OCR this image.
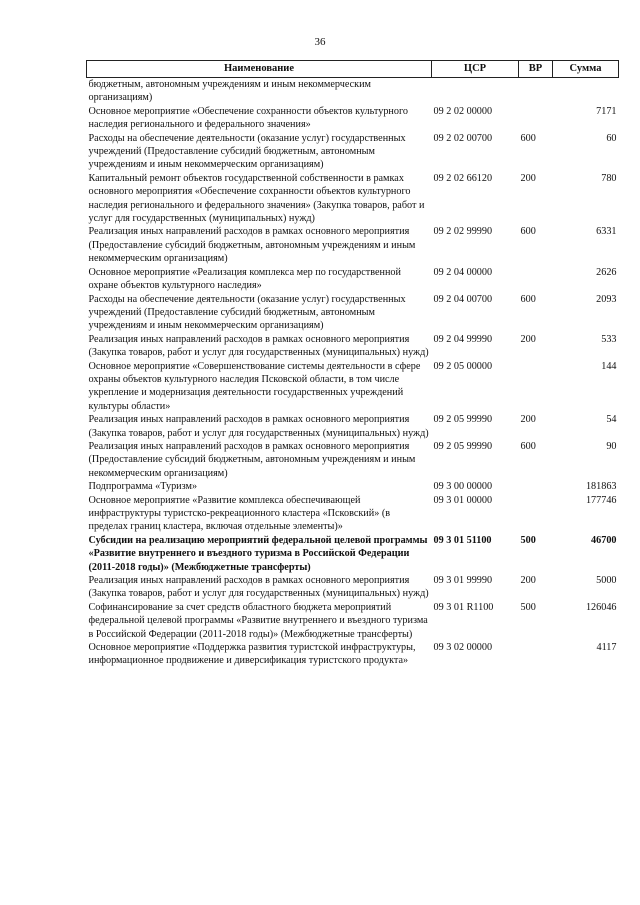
36
Наименование	ЦСР	ВР	Сумма
бюджетным, автономным учреждениям и иным некоммерческим организациям)			
Основное мероприятие «Обеспечение сохранности объектов культурного наследия регионального и федерального значения»	09 2 02 00000		7171
Расходы на обеспечение деятельности (оказание услуг) государственных учреждений (Предоставление субсидий бюджетным, автономным учреждениям и иным некоммерческим организациям)	09 2 02 00700	600	60
Капитальный ремонт объектов государственной собственности в рамках основного мероприятия «Обеспечение сохранности объектов культурного наследия регионального и федерального значения» (Закупка товаров, работ и услуг для государственных (муниципальных) нужд)	09 2 02 66120	200	780
Реализация иных направлений расходов в рамках основного мероприятия (Предоставление субсидий бюджетным, автономным учреждениям и иным некоммерческим организациям)	09 2 02 99990	600	6331
Основное мероприятие «Реализация комплекса мер по государственной охране объектов культурного наследия»	09 2 04 00000		2626
Расходы на обеспечение деятельности (оказание услуг) государственных учреждений (Предоставление субсидий бюджетным, автономным учреждениям и иным некоммерческим организациям)	09 2 04 00700	600	2093
Реализация иных направлений расходов в рамках основного мероприятия (Закупка товаров, работ и услуг для государственных (муниципальных) нужд)	09 2 04 99990	200	533
Основное мероприятие «Совершенствование системы деятельности в сфере охраны объектов культурного наследия Псковской области, в том числе укрепление и модернизация деятельности государственных учреждений культуры области»	09 2 05 00000		144
Реализация иных направлений расходов в рамках основного мероприятия (Закупка товаров, работ и услуг для государственных (муниципальных) нужд)	09 2 05 99990	200	54
Реализация иных направлений расходов в рамках основного мероприятия (Предоставление субсидий бюджетным, автономным учреждениям и иным некоммерческим организациям)	09 2 05 99990	600	90
Подпрограмма «Туризм»	09 3 00 00000		181863
Основное мероприятие «Развитие комплекса обеспечивающей инфраструктуры туристско-рекреационного кластера «Псковский» (в пределах границ кластера, включая отдельные элементы)»	09 3 01 00000		177746
Субсидии на реализацию мероприятий федеральной целевой программы «Развитие внутреннего и въездного туризма в Российской Федерации (2011-2018 годы)» (Межбюджетные трансферты)	09 3 01 51100	500	46700
Реализация иных направлений расходов в рамках основного мероприятия (Закупка товаров, работ и услуг для государственных (муниципальных) нужд)	09 3 01 99990	200	5000
Софинансирование за счет средств областного бюджета мероприятий федеральной целевой программы «Развитие внутреннего и въездного туризма в Российской Федерации (2011-2018 годы)» (Межбюджетные трансферты)	09 3 01 R1100	500	126046
Основное мероприятие «Поддержка развития туристской инфраструктуры, информационное продвижение и диверсификация туристского продукта»	09 3 02 00000		4117
